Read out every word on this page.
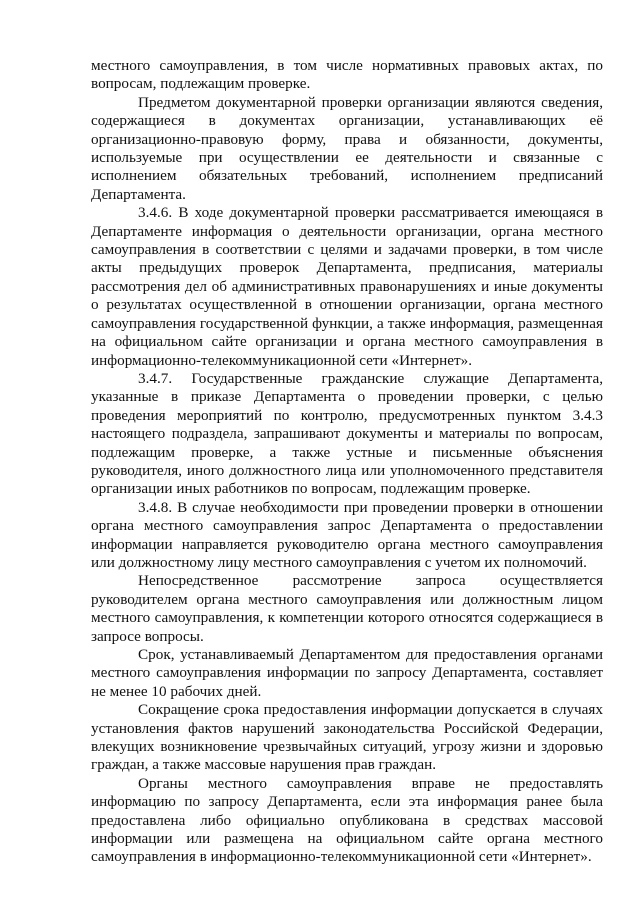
местного самоуправления, в том числе нормативных правовых актах, по вопросам, подлежащим проверке.

Предметом документарной проверки организации являются сведения, содержащиеся в документах организации, устанавливающих её организационно-правовую форму, права и обязанности, документы, используемые при осуществлении ее деятельности и связанные с исполнением обязательных требований, исполнением предписаний Департамента.

3.4.6. В ходе документарной проверки рассматривается имеющаяся в Департаменте информация о деятельности организации, органа местного самоуправления в соответствии с целями и задачами проверки, в том числе акты предыдущих проверок Департамента, предписания, материалы рассмотрения дел об административных правонарушениях и иные документы о результатах осуществленной в отношении организации, органа местного самоуправления государственной функции, а также информация, размещенная на официальном сайте организации и органа местного самоуправления в информационно-телекоммуникационной сети «Интернет».

3.4.7. Государственные гражданские служащие Департамента, указанные в приказе Департамента о проведении проверки, с целью проведения мероприятий по контролю, предусмотренных пунктом 3.4.3 настоящего подраздела, запрашивают документы и материалы по вопросам, подлежащим проверке, а также устные и письменные объяснения руководителя, иного должностного лица или уполномоченного представителя организации иных работников по вопросам, подлежащим проверке.

3.4.8. В случае необходимости при проведении проверки в отношении органа местного самоуправления запрос Департамента о предоставлении информации направляется руководителю органа местного самоуправления или должностному лицу местного самоуправления с учетом их полномочий.

Непосредственное рассмотрение запроса осуществляется руководителем органа местного самоуправления или должностным лицом местного самоуправления, к компетенции которого относятся содержащиеся в запросе вопросы.

Срок, устанавливаемый Департаментом для предоставления органами местного самоуправления информации по запросу Департамента, составляет не менее 10 рабочих дней.

Сокращение срока предоставления информации допускается в случаях установления фактов нарушений законодательства Российской Федерации, влекущих возникновение чрезвычайных ситуаций, угрозу жизни и здоровью граждан, а также массовые нарушения прав граждан.

Органы местного самоуправления вправе не предоставлять информацию по запросу Департамента, если эта информация ранее была предоставлена либо официально опубликована в средствах массовой информации или размещена на официальном сайте органа местного самоуправления в информационно-телекоммуникационной сети «Интернет».
